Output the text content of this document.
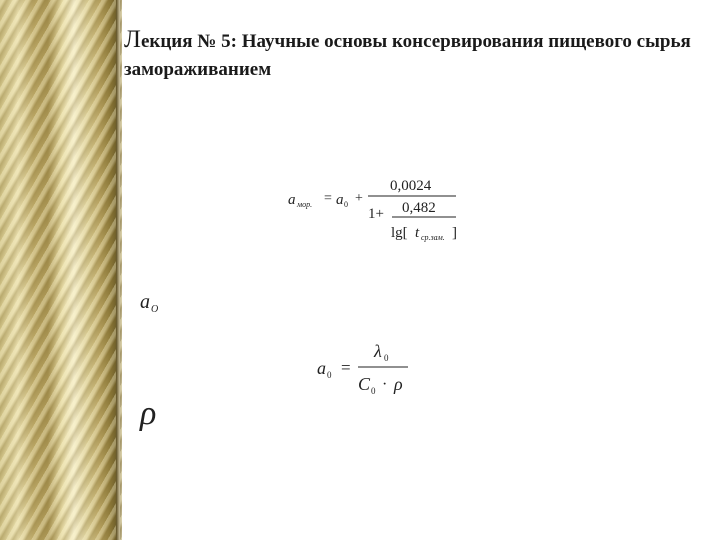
Лекция № 5: Научные основы консервирования пищевого сырья замораживанием
a мор. = a 0 +
0,0024
1+ 0,482
lg[ t ср.зам. ]
a O
a 0 =
λ 0
C 0 · ρ
ρ
